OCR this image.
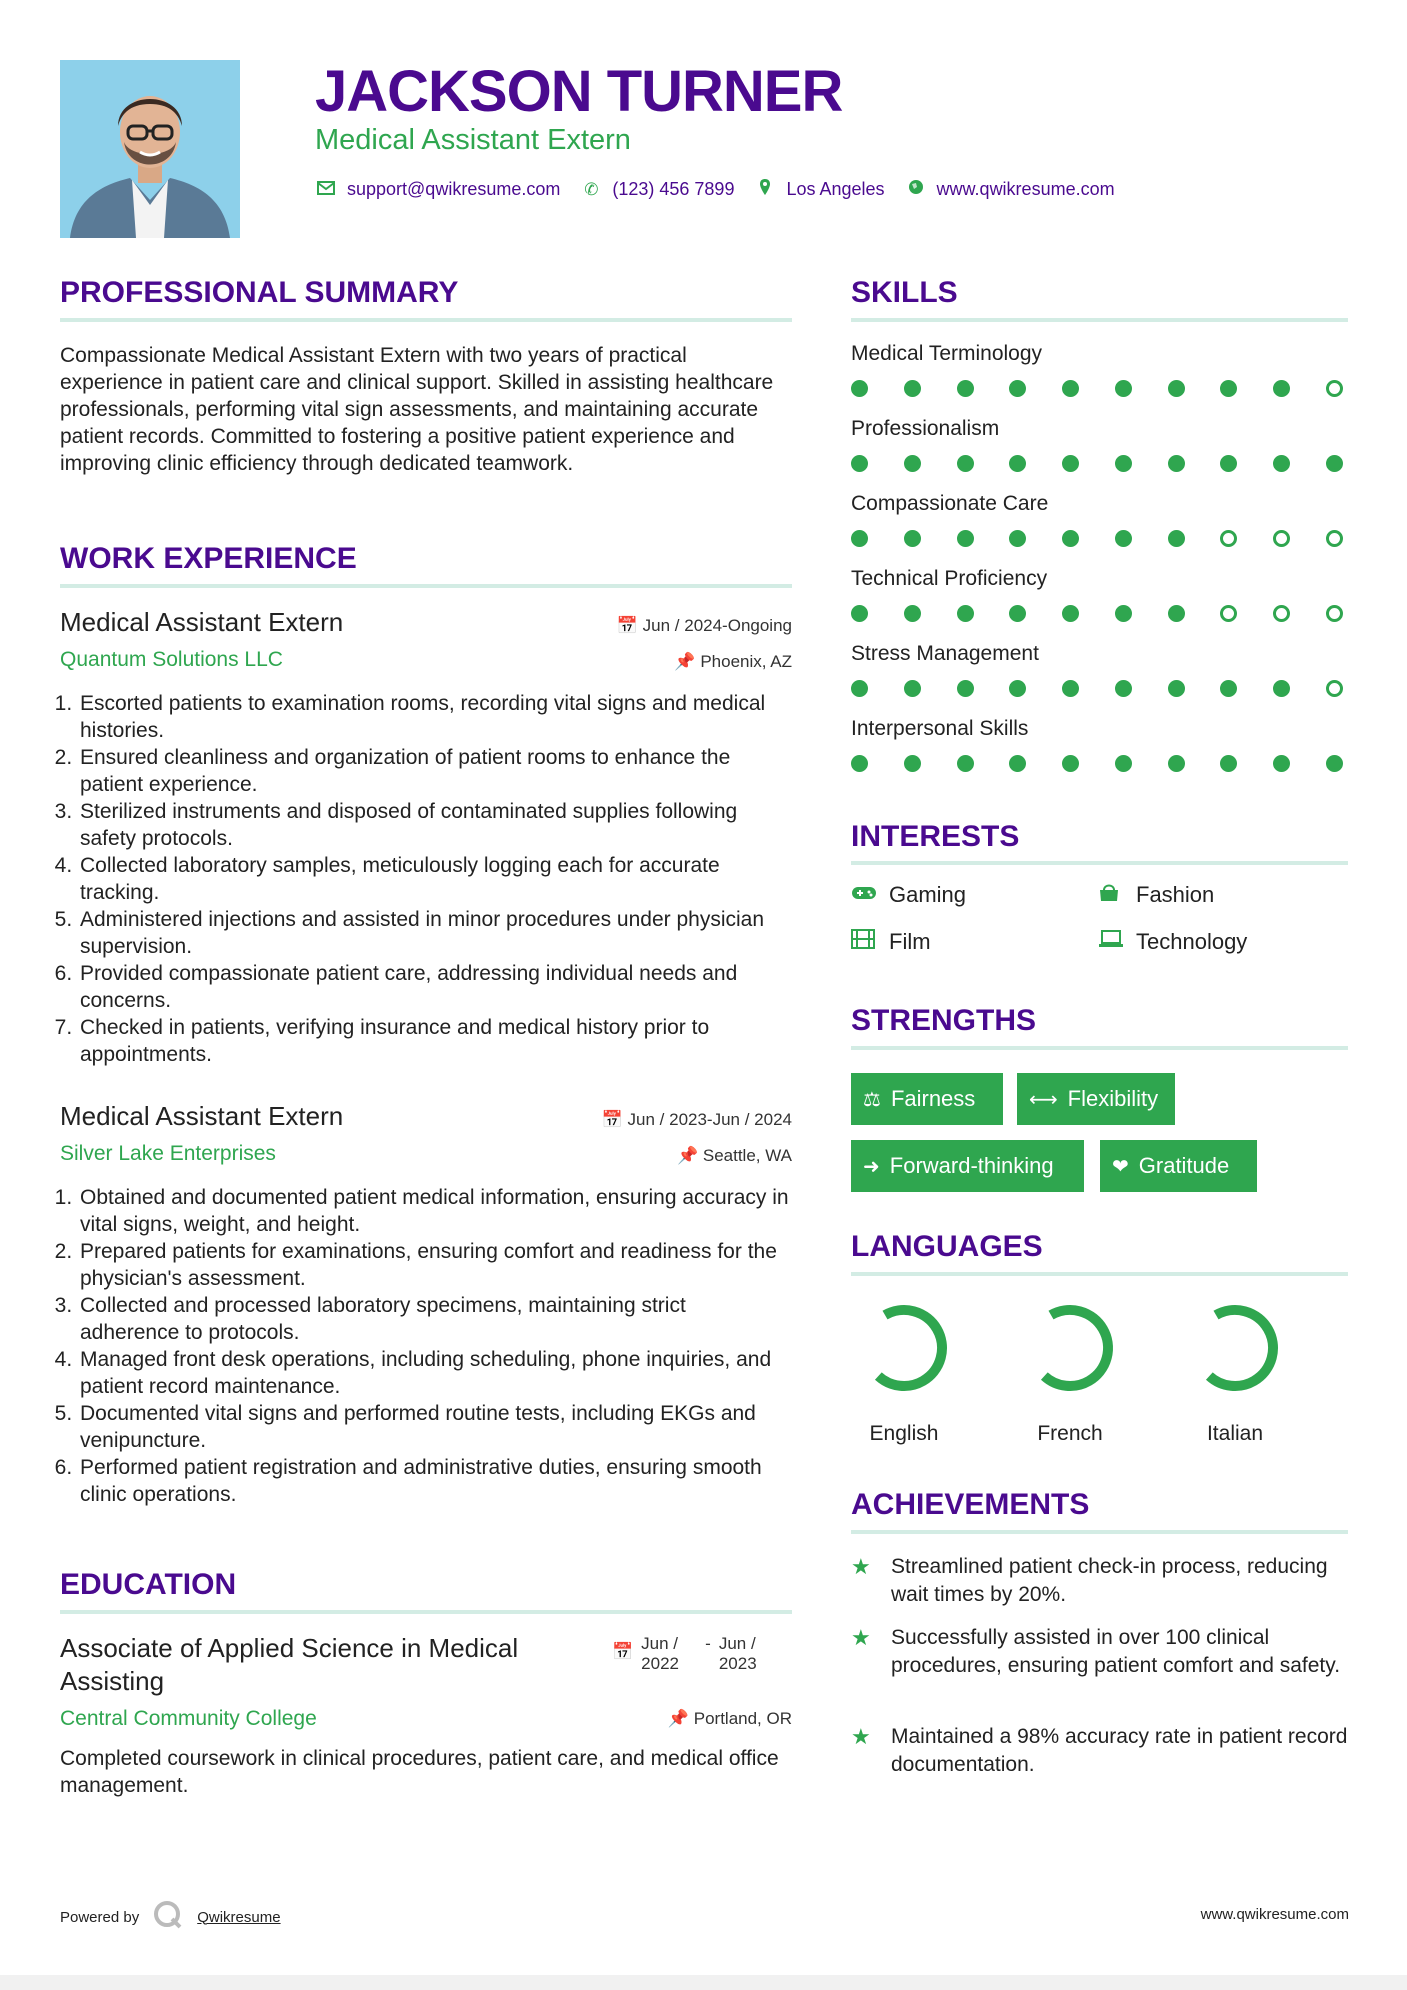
JACKSON TURNER
Medical Assistant Extern
support@qwikresume.com ✆ (123) 456 7899	Los Angeles	www.qwikresume.com
PROFESSIONAL SUMMARY
Compassionate Medical Assistant Extern with two years of practical experience in patient care and clinical support. Skilled in assisting healthcare professionals, performing vital sign assessments, and maintaining accurate patient records. Committed to fostering a positive patient experience and improving clinic efficiency through dedicated teamwork.
WORK EXPERIENCE
Medical Assistant Extern	📅 Jun / 2024-Ongoing
Quantum Solutions LLC	📌 Phoenix, AZ
1. Escorted patients to examination rooms, recording vital signs and medical histories.
2. Ensured cleanliness and organization of patient rooms to enhance the patient experience.
3. Sterilized instruments and disposed of contaminated supplies following safety protocols.
4. Collected laboratory samples, meticulously logging each for accurate tracking.
5. Administered injections and assisted in minor procedures under physician supervision.
6. Provided compassionate patient care, addressing individual needs and concerns.
7. Checked in patients, verifying insurance and medical history prior to appointments.
Medical Assistant Extern	📅 Jun / 2023-Jun / 2024
Silver Lake Enterprises	📌 Seattle, WA
1. Obtained and documented patient medical information, ensuring accuracy in vital signs, weight, and height.
2. Prepared patients for examinations, ensuring comfort and readiness for the physician's assessment.
3. Collected and processed laboratory specimens, maintaining strict adherence to protocols.
4. Managed front desk operations, including scheduling, phone inquiries, and patient record maintenance.
5. Documented vital signs and performed routine tests, including EKGs and venipuncture.
6. Performed patient registration and administrative duties, ensuring smooth clinic operations.
EDUCATION
Associate of Applied Science in Medical Assisting
📅 Jun / 2022
- Jun / 2023
Central Community College	📌 Portland, OR
Completed coursework in clinical procedures, patient care, and medical office management.
SKILLS
Medical Terminology
Professionalism
Compassionate Care
Technical Proficiency
Stress Management
Interpersonal Skills
INTERESTS
Gaming	Fashion
Film	Technology
STRENGTHS
⚖ Fairness	⟷ Flexibility
➜ Forward-thinking	❤ Gratitude
LANGUAGES
English	French	Italian
ACHIEVEMENTS
★ Streamlined patient check-in process, reducing wait times by 20%.
★ Successfully assisted in over 100 clinical procedures, ensuring patient comfort and safety.
★ Maintained a 98% accuracy rate in patient record documentation.
Powered by	Qwikresume	www.qwikresume.com
